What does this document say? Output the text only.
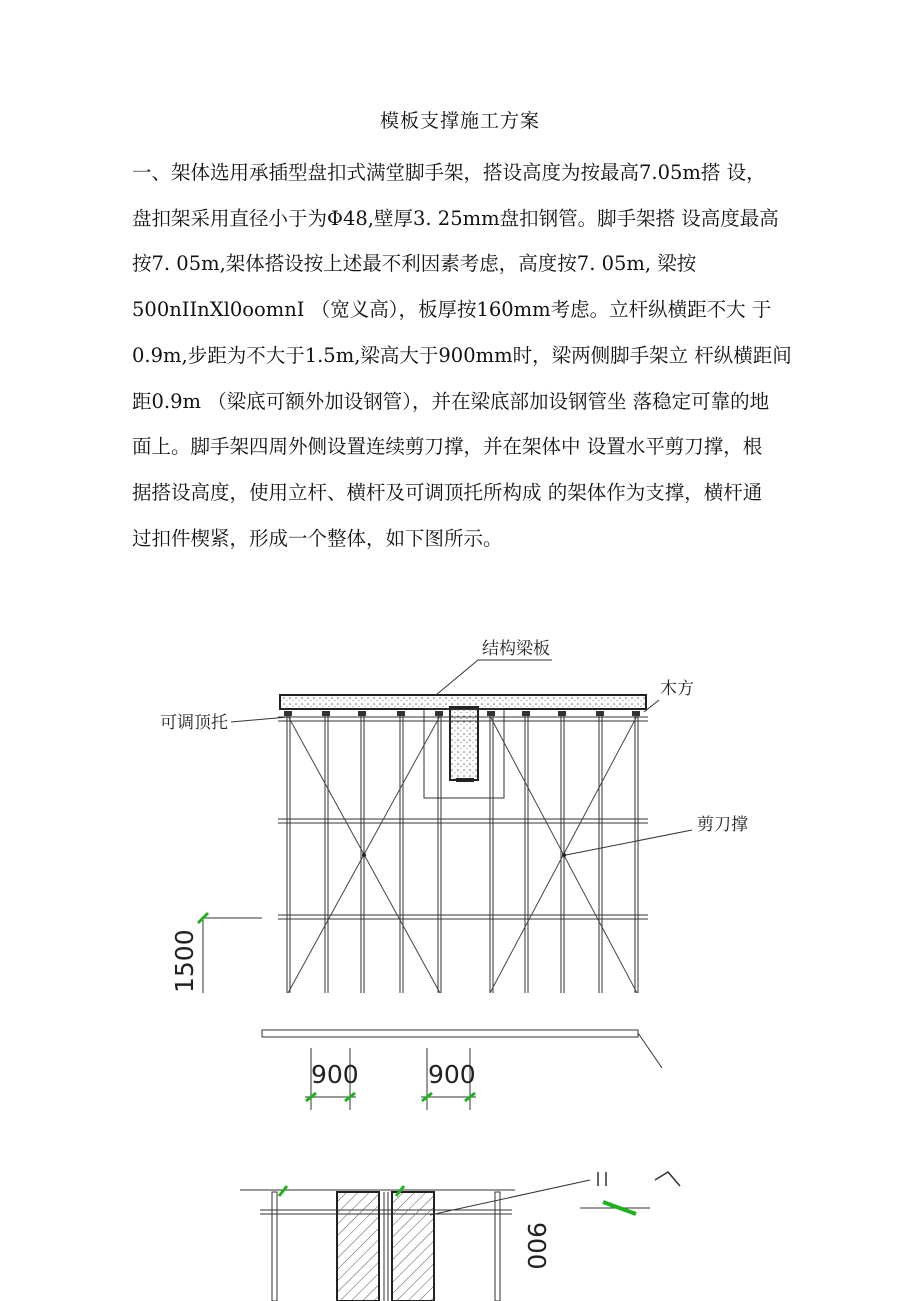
模板支撑施工方案
一、架体选用承插型盘扣式满堂脚手架，搭设高度为按最高7.05m搭 设，
盘扣架采用直径小于为Φ48,壁厚3. 25mm盘扣钢管。脚手架搭 设高度最高
按7. 05m,架体搭设按上述最不利因素考虑，高度按7. 05m, 梁按
500nIInXl0oomnI （宽义高），板厚按160mm考虑。立杆纵横距不大 于
0.9m,步距为不大于1.5m,梁高大于900mm时，梁两侧脚手架立 杆纵横距间
距0.9m （梁底可额外加设钢管），并在梁底部加设钢管坐 落稳定可靠的地
面上。脚手架四周外侧设置连续剪刀撑，并在架体中 设置水平剪刀撑，根
据搭设高度，使用立杆、横杆及可调顶托所构成 的架体作为支撑，横杆通
过扣件楔紧，形成一个整体，如下图所示。
结构梁板
木方
可调顶托
剪刀撑
1500
900	900
900
